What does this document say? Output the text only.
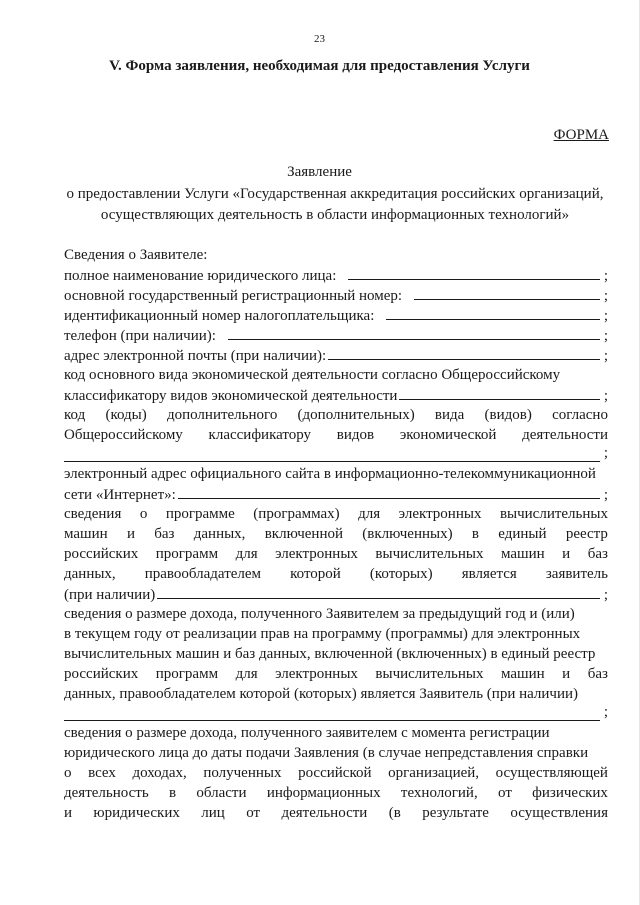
23
V. Форма заявления, необходимая для предоставления Услуги
ФОРМА
Заявление
о предоставлении Услуги «Государственная аккредитация российских организаций, осуществляющих деятельность в области информационных технологий»
Сведения о Заявителе:
полное наименование юридического лица:	;
основной государственный регистрационный номер:	;
идентификационный номер налогоплательщика:	;
телефон (при наличии):	;
адрес электронной почты (при наличии):	;
код основного вида экономической деятельности согласно Общероссийскому
классификатору видов экономической деятельности	;
код (коды) дополнительного (дополнительных) вида (видов) согласно
Общероссийскому классификатору видов экономической деятельности
;
электронный адрес официального сайта в информационно-телекоммуникационной
сети «Интернет»:	;
сведения о программе (программах) для электронных вычислительных
машин и баз данных, включенной (включенных) в единый реестр
российских программ для электронных вычислительных машин и баз
данных, правообладателем которой (которых) является заявитель
(при наличии)	;
сведения о размере дохода, полученного Заявителем за предыдущий год и (или)
в текущем году от реализации прав на программу (программы) для электронных
вычислительных машин и баз данных, включенной (включенных) в единый реестр
российских программ для электронных вычислительных машин и баз
данных, правообладателем которой (которых) является Заявитель (при наличии)
;
сведения о размере дохода, полученного заявителем с момента регистрации
юридического лица до даты подачи Заявления (в случае непредставления справки
о всех доходах, полученных российской организацией, осуществляющей
деятельность в области информационных технологий, от физических
и юридических лиц от деятельности (в результате осуществления
